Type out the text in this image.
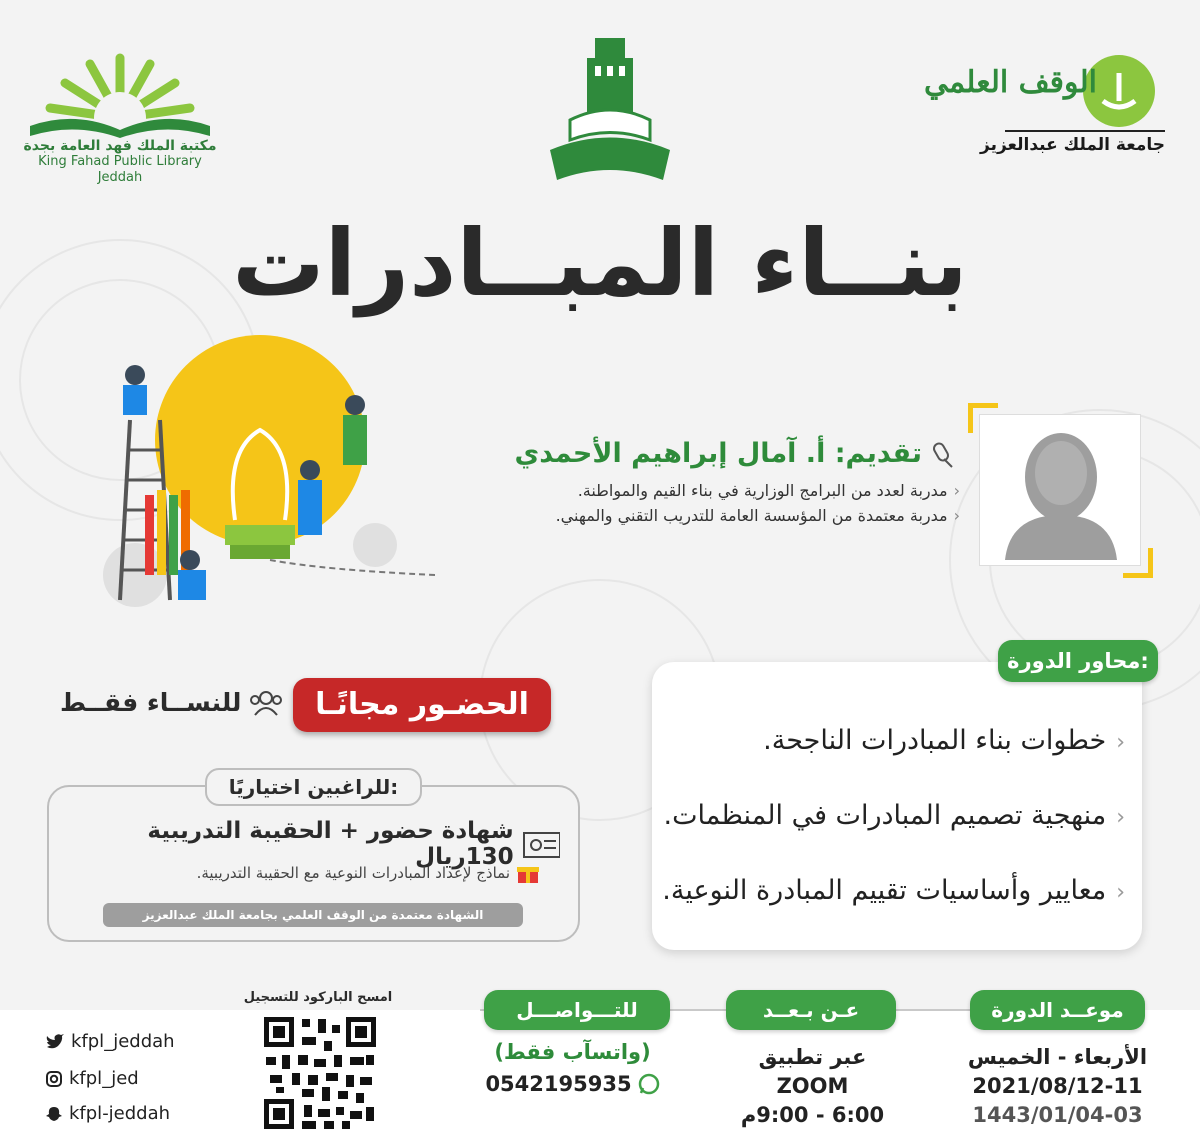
مكتبة الملك فهد العامة بجدة
King Fahad Public Library Jeddah
الوقف العلمي
جامعة الملك عبدالعزيز
بنــاء المبــادرات
تقديم: أ. آمال إبراهيم الأحمدي
‹مدربة لعدد من البرامج الوزارية في بناء القيم والمواطنة.
‹مدربة معتمدة من المؤسسة العامة للتدريب التقني والمهني.
محاور الدورة:
‹خطوات بناء المبادرات الناجحة.
‹منهجية تصميم المبادرات في المنظمات.
‹معايير وأساسيات تقييم المبادرة النوعية.
الحضـور مجانًـا
للنســاء فقــط
للراغبين اختياريًا:
شهادة حضور + الحقيبة التدريبية 130ريال
نماذج لإعداد المبادرات النوعية مع الحقيبة التدريبية.
الشهادة معتمدة من الوقف العلمي بجامعة الملك عبدالعزيز
موعــد الدورة
الأربعاء - الخميس
2021/08/12-11
1443/01/04-03
عـن بـعــد
عبر تطبيق
ZOOM
6:00 - 9:00م
للتـــواصـــل
(واتسآب فقط)
0542195935
امسح الباركود للتسجيل
kfpl_jeddah
kfpl_jed
kfpl-jeddah
